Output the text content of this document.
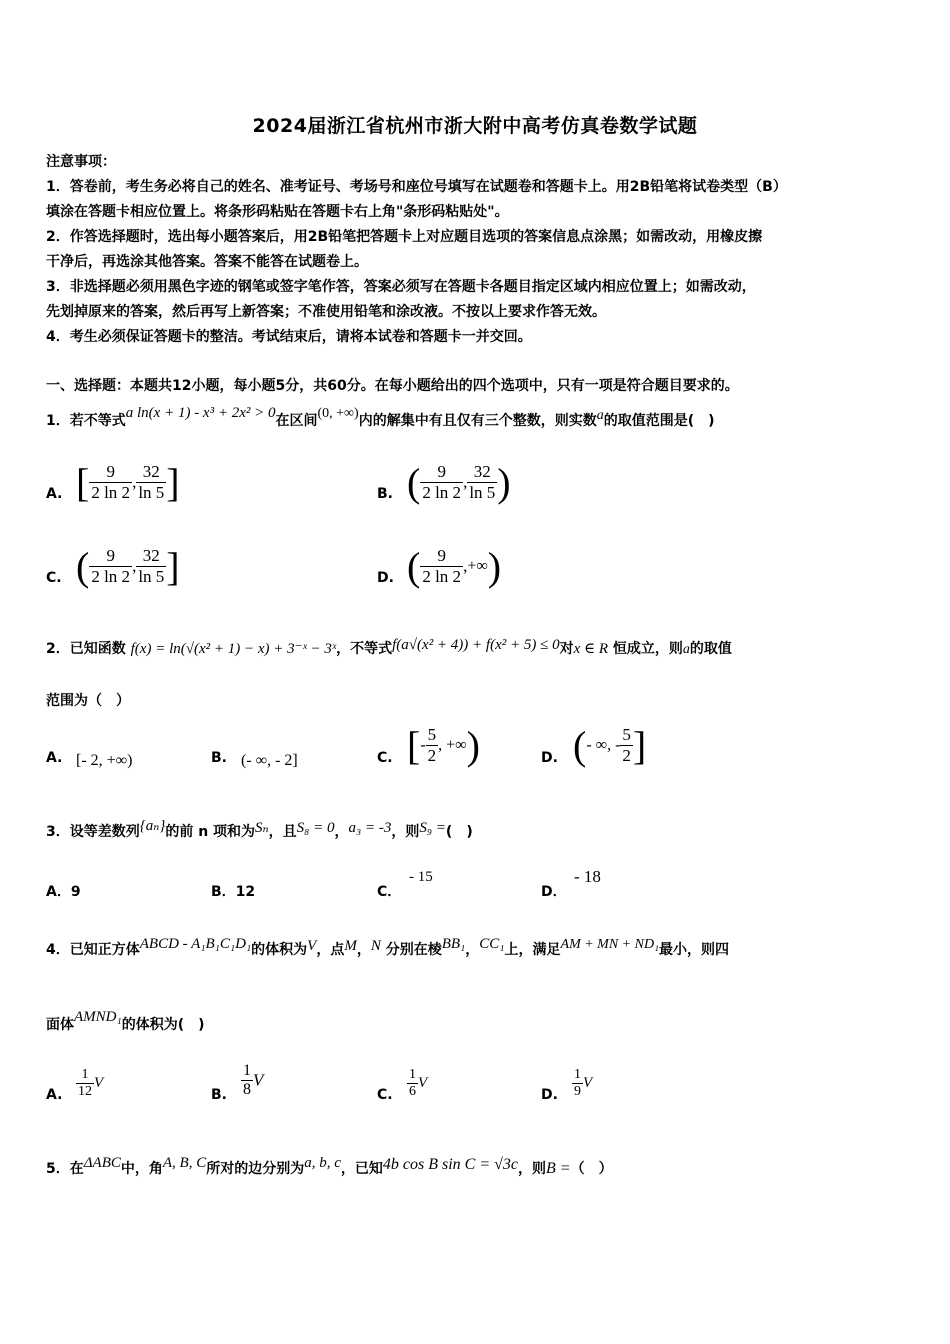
2024届浙江省杭州市浙大附中高考仿真卷数学试题
注意事项：
1．答卷前，考生务必将自己的姓名、准考证号、考场号和座位号填写在试题卷和答题卡上。用2B铅笔将试卷类型（B）
填涂在答题卡相应位置上。将条形码粘贴在答题卡右上角"条形码粘贴处"。
2．作答选择题时，选出每小题答案后，用2B铅笔把答题卡上对应题目选项的答案信息点涂黑；如需改动，用橡皮擦
干净后，再选涂其他答案。答案不能答在试题卷上。
3．非选择题必须用黑色字迹的钢笔或签字笔作答，答案必须写在答题卡各题目指定区域内相应位置上；如需改动，
先划掉原来的答案，然后再写上新答案；不准使用铅笔和涂改液。不按以上要求作答无效。
4．考生必须保证答题卡的整洁。考试结束后，请将本试卷和答题卡一并交回。
一、选择题：本题共12小题，每小题5分，共60分。在每小题给出的四个选项中，只有一项是符合题目要求的。
1．若不等式a ln(x + 1) - x³ + 2x² > 0在区间(0, +∞)内的解集中有且仅有三个整数，则实数a的取值范围是(　)
A. [ $\frac{9}{2 \ln 2}$ , $\frac{32}{\ln 5}$ ]	B. ( $\frac{9}{2 \ln 2}$ , $\frac{32}{\ln 5}$ )
C. ( $\frac{9}{2 \ln 2}$ , $\frac{32}{\ln 5}$ ]	D. ( $\frac{9}{2 \ln 2}$ ,+∞)
2．已知函数 f(x) = ln(√(x² + 1) − x) + 3⁻ˣ − 3ˣ，不等式f(a√(x² + 4)) + f(x² + 5) ≤ 0对x ∈ R 恒成立，则a的取值
范围为（　）
A. [- 2, +∞)	B. (- ∞, - 2]	C. [- $\frac{5}{2}$ , +∞)	D. (- ∞, - $\frac{5}{2}$ ]
3．设等差数列{aₙ}的前 n 项和为Sₙ，且S₈ = 0，a₃ = -3，则S₉ =(　)
A．9	B．12	C．
- 15
D．
- 18
4．已知正方体ABCD - A₁B₁C₁D₁的体积为V，点M，N 分别在棱BB₁，CC₁上，满足AM + MN + ND₁最小，则四
面体AMND₁的体积为(　)
A. $\frac{1}{12}$ V
B. $\frac{1}{8}$ V
C. $\frac{1}{6}$ V
D. $\frac{1}{9}$ V
5．在ΔABC中，角A, B, C所对的边分别为a, b, c，已知4b cos B sin C = √3c，则B =（　）
